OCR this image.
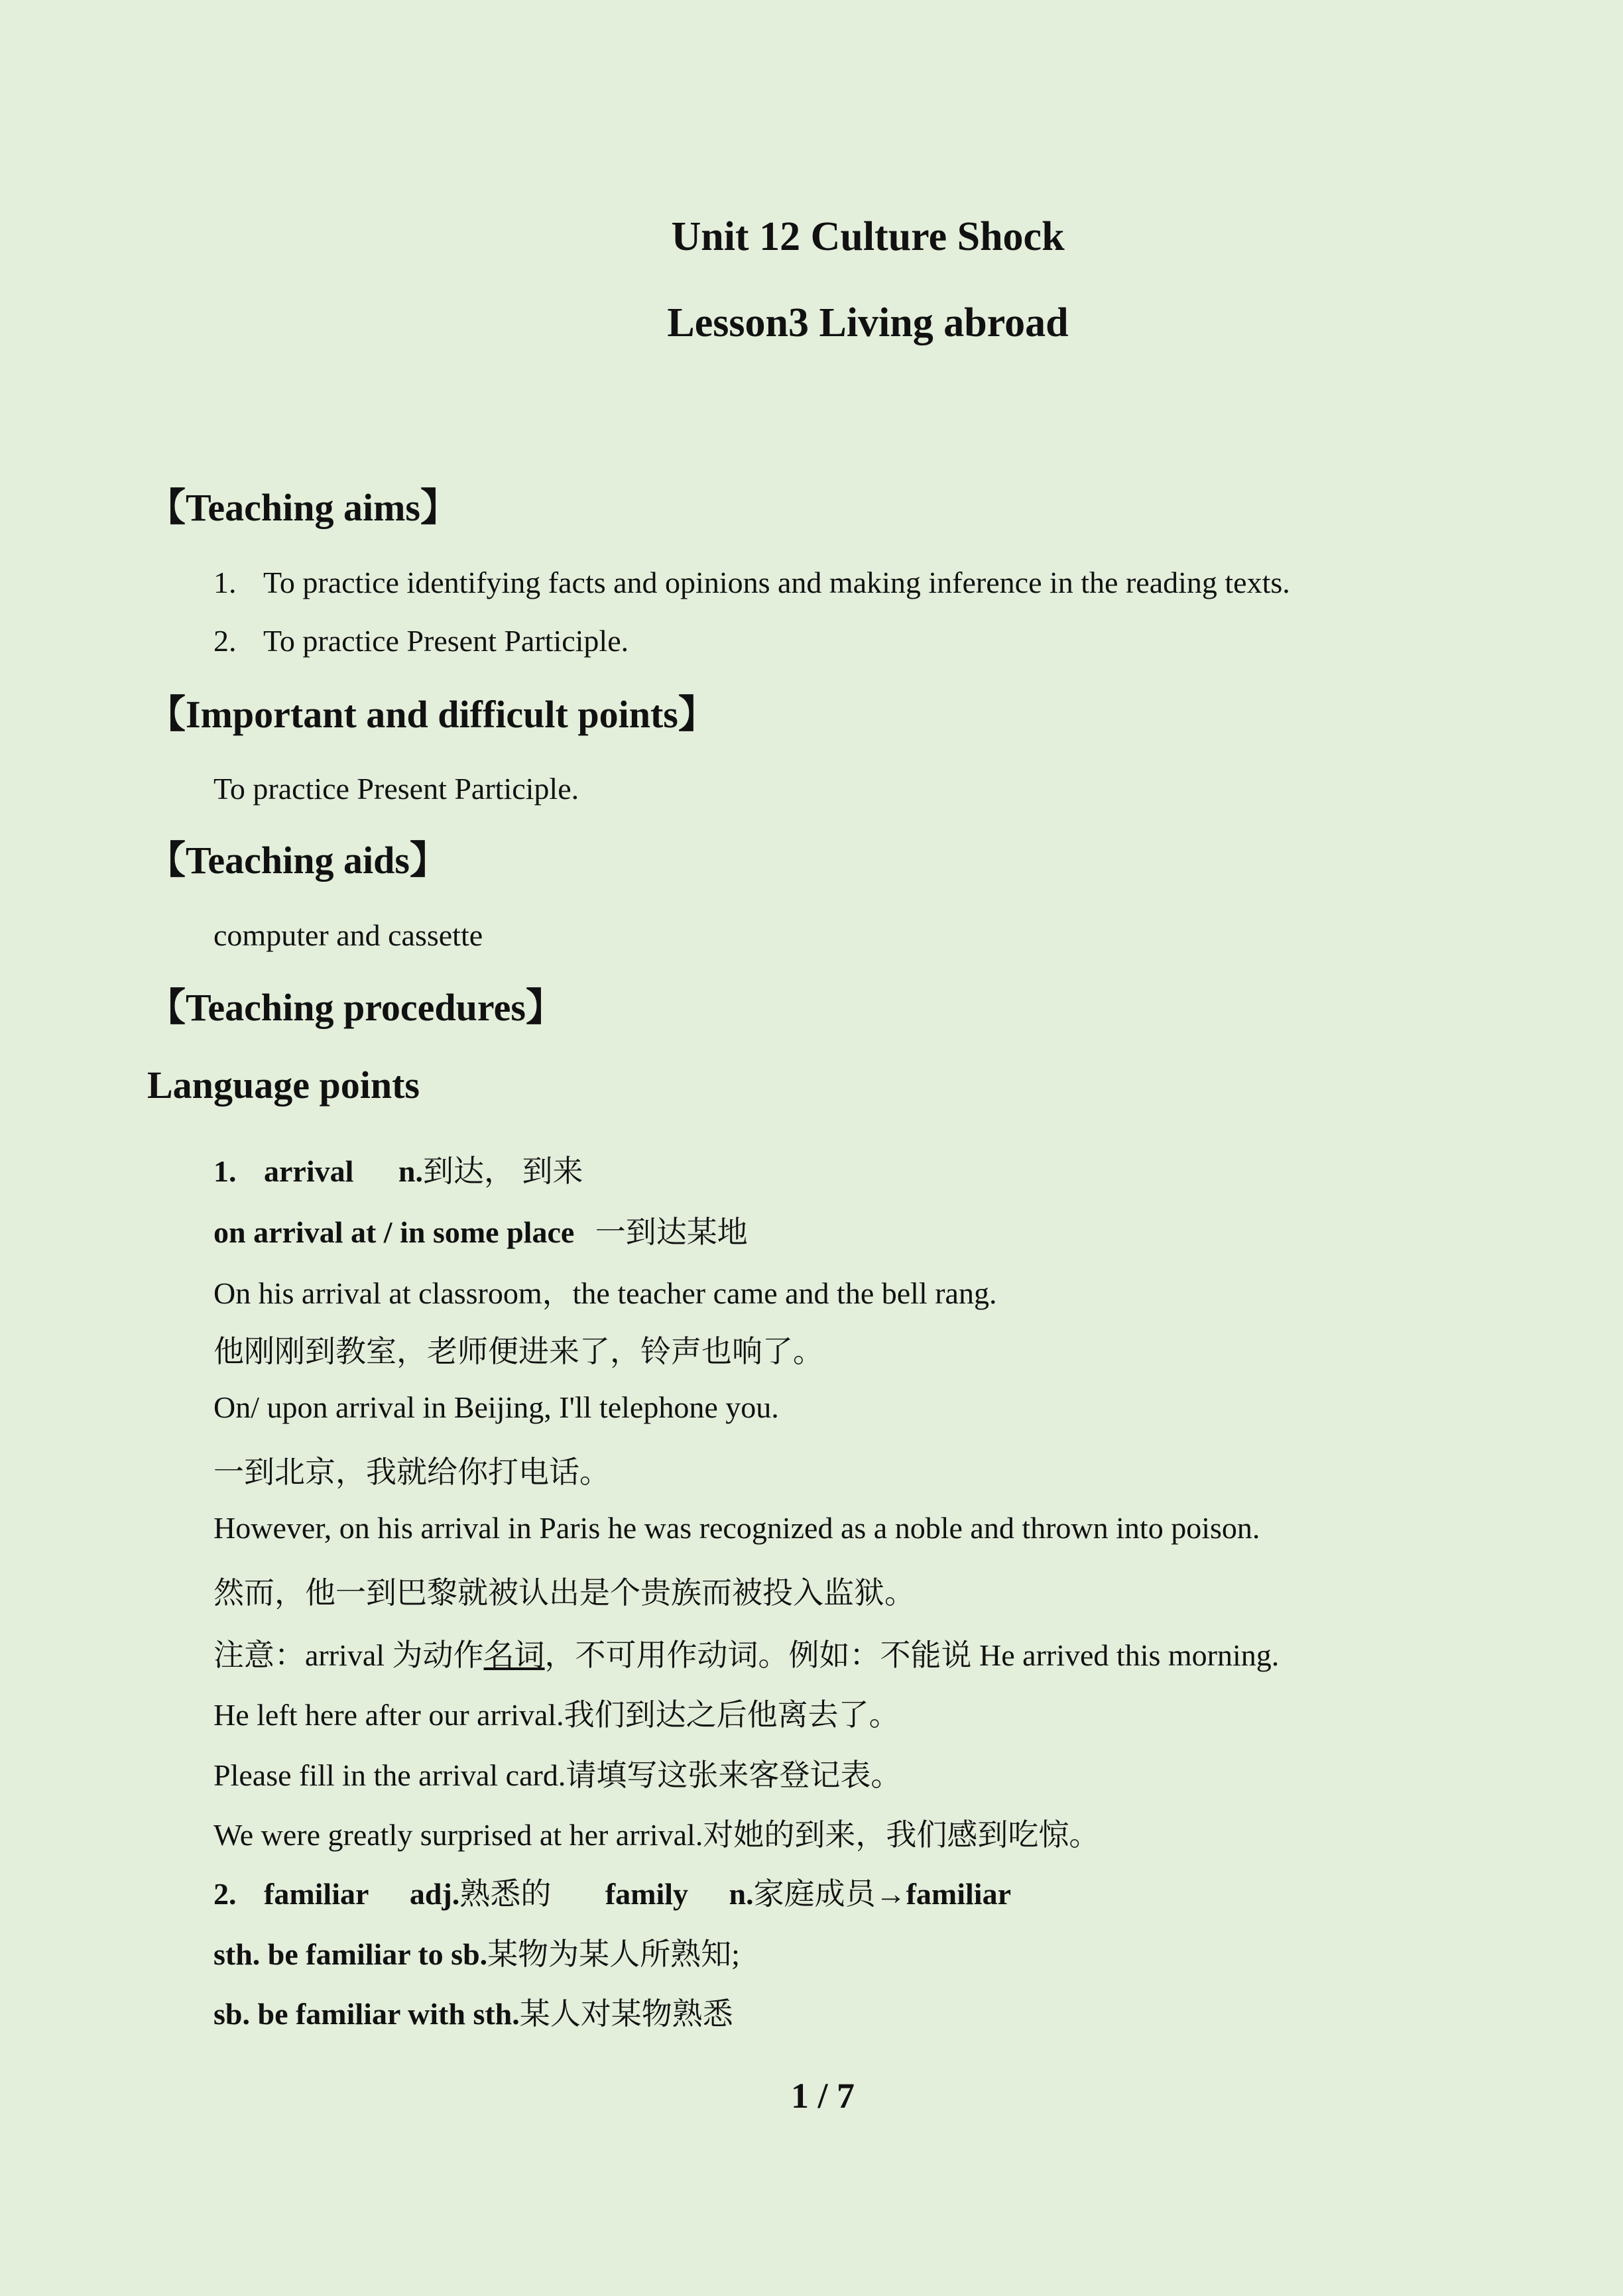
Unit 12 Culture Shock
Lesson3 Living abroad
【Teaching aims】
1. To practice identifying facts and opinions and making inference in the reading texts.
2. To practice Present Participle.
【Important and difficult points】
To practice Present Participle.
【Teaching aids】
computer and cassette
【Teaching procedures】
Language points
1. arrival n.到达， 到来
on arrival at / in some place 一到达某地
On his arrival at classroom，the teacher came and the bell rang.
他刚刚到教室，老师便进来了，铃声也响了。
On/ upon arrival in Beijing, I'll telephone you.
一到北京，我就给你打电话。
However, on his arrival in Paris he was recognized as a noble and thrown into poison.
然而，他一到巴黎就被认出是个贵族而被投入监狱。
注意：arrival 为动作名词，不可用作动词。例如：不能说 He arrived this morning.
He left here after our arrival.我们到达之后他离去了。
Please fill in the arrival card.请填写这张来客登记表。
We were greatly surprised at her arrival.对她的到来，我们感到吃惊。
2. familiar adj.熟悉的 family n.家庭成员→familiar
sth. be familiar to sb.某物为某人所熟知;
sb. be familiar with sth.某人对某物熟悉
1 / 7
